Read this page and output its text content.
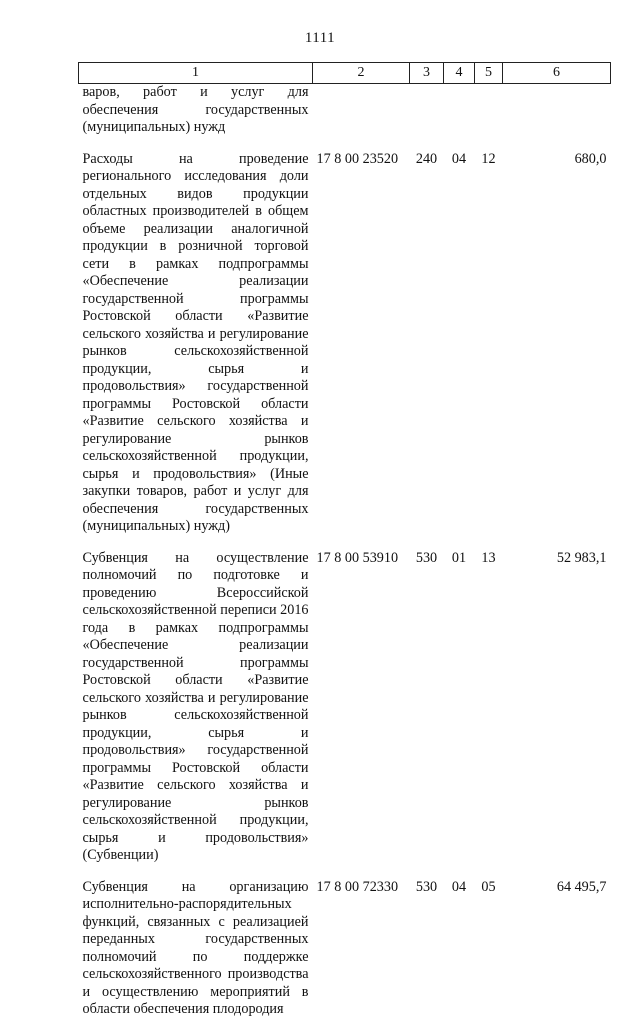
1111
1	2	3	4	5	6
варов, работ и услуг для обеспечения государственных (муниципальных) нужд					
Расходы на проведение регионального исследования доли отдельных видов продукции областных производителей в общем объеме реализации аналогичной продукции в розничной торговой сети в рамках подпрограммы «Обеспечение реализации государственной программы Ростовской области «Развитие сельского хозяйства и регулирование рынков сельскохозяйственной продукции, сырья и продовольствия» государственной программы Ростовской области «Развитие сельского хозяйства и регулирование рынков сельскохозяйственной продукции, сырья и продовольствия» (Иные закупки товаров, работ и услуг для обеспечения государственных (муниципальных) нужд)	17 8 00 23520	240	04	12	680,0
Субвенция на осуществление полномочий по подготовке и проведению Всероссийской сельскохозяйственной переписи 2016 года в рамках подпрограммы «Обеспечение реализации государственной программы Ростовской области «Развитие сельского хозяйства и регулирование рынков сельскохозяйственной продукции, сырья и продовольствия» государственной программы Ростовской области «Развитие сельского хозяйства и регулирование рынков сельскохозяйственной продукции, сырья и продовольствия» (Субвенции)	17 8 00 53910	530	01	13	52 983,1
Субвенция на организацию исполнительно-распорядительных функций, связанных с реализацией переданных государственных полномочий по поддержке сельскохозяйственного производства и осуществлению мероприятий в области обеспечения плодородия	17 8 00 72330	530	04	05	64 495,7
